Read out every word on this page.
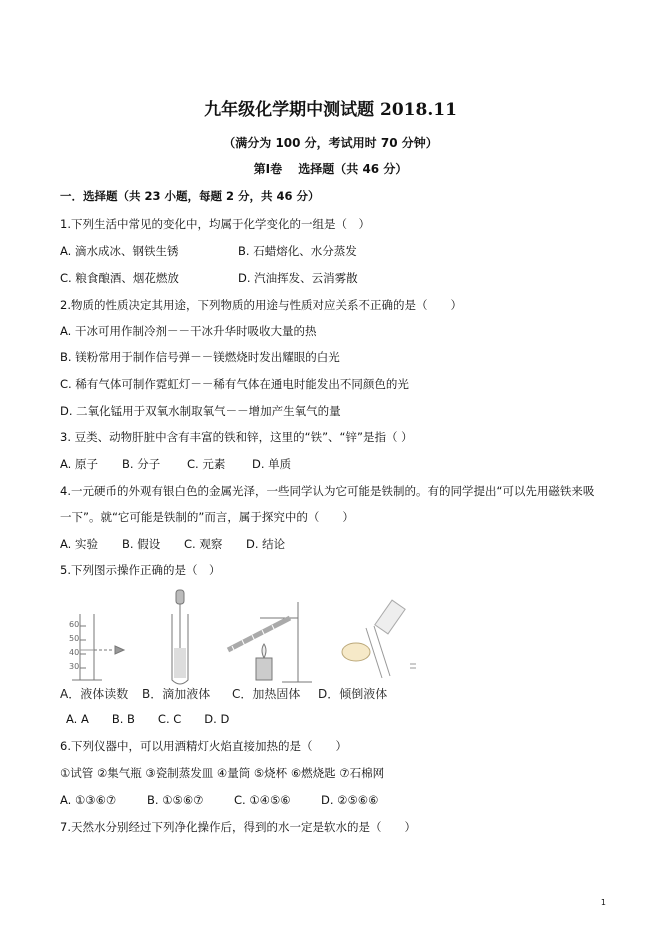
九年级化学期中测试题 2018.11
（满分为 100 分，考试用时 70 分钟）
第Ⅰ卷　 选择题（共 46 分）
一．选择题（共 23 小题，每题 2 分，共 46 分）
1.下列生活中常见的变化中，均属于化学变化的一组是（　）
A. 滴水成冰、钢铁生锈	B. 石蜡熔化、水分蒸发
C. 粮食酿酒、烟花燃放	D. 汽油挥发、云消雾散
2.物质的性质决定其用途，下列物质的用途与性质对应关系不正确的是（　　）
A. 干冰可用作制冷剂－－干冰升华时吸收大量的热
B. 镁粉常用于制作信号弹－－镁燃烧时发出耀眼的白光
C. 稀有气体可制作霓虹灯－－稀有气体在通电时能发出不同颜色的光
D. 二氧化锰用于双氧水制取氧气－－增加产生氧气的量
3. 豆类、动物肝脏中含有丰富的铁和锌，这里的“铁”、“锌”是指（ ）
A. 原子 B. 分子 C. 元素 D. 单质
4.一元硬币的外观有银白色的金属光泽，一些同学认为它可能是铁制的。有的同学提出“可以先用磁铁来吸
一下”。就“它可能是铁制的”而言，属于探究中的（　　）
A. 实验 B. 假设 C. 观察 D. 结论
5.下列图示操作正确的是（　）
60
50
40
30
A．液体读数 B．滴加液体 C．加热固体 D．倾倒液体
A. A　　B. B　　C. C　　D. D
6.下列仪器中，可以用酒精灯火焰直接加热的是（　　）
①试管 ②集气瓶 ③瓷制蒸发皿 ④量筒 ⑤烧杯 ⑥燃烧匙 ⑦石棉网
A. ①③⑥⑦	B. ①⑤⑥⑦	C. ①④⑤⑥	D. ②⑤⑥⑥
7.天然水分别经过下列净化操作后，得到的水一定是软水的是（　　）
1
